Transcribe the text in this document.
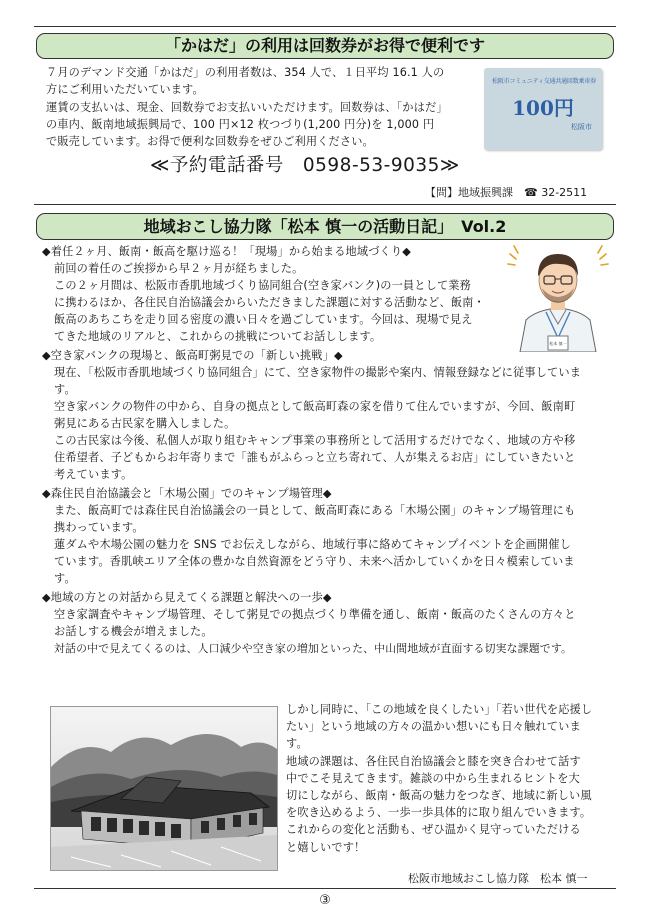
「かはだ」の利用は回数券がお得で便利です
７月のデマンド交通「かはだ」の利用者数は、354 人で、１日平均 16.1 人の
方にご利用いただいています。
運賃の支払いは、現金、回数券でお支払いいただけます。回数券は、「かはだ」
の車内、飯南地域振興局で、100 円×12 枚つづり(1,200 円分)を 1,000 円
で販売しています。お得で便利な回数券をぜひご利用ください。
松阪市コミュニティ交通共通回数乗車券
100円
松阪市
≪予約電話番号　0598-53-9035≫
【問】地域振興課　☎ 32-2511
地域おこし協力隊「松本 慎一の活動日記」　Vol.2
松本 慎一
◆着任２ヶ月、飯南・飯高を駆け巡る！「現場」から始まる地域づくり◆
前回の着任のご挨拶から早２ヶ月が経ちました。
この２ヶ月間は、松阪市香肌地域づくり協同組合(空き家バンク)の一員として業務
に携わるほか、各住民自治協議会からいただきました課題に対する活動など、飯南・
飯高のあちこちを走り回る密度の濃い日々を過ごしています。今回は、現場で見え
てきた地域のリアルと、これからの挑戦についてお話しします。
◆空き家バンクの現場と、飯高町粥見での「新しい挑戦」◆
現在、「松阪市香肌地域づくり協同組合」にて、空き家物件の撮影や案内、情報登録などに従事していま
す。
空き家バンクの物件の中から、自身の拠点として飯高町森の家を借りて住んでいますが、今回、飯南町
粥見にある古民家を購入しました。
この古民家は今後、私個人が取り組むキャンプ事業の事務所として活用するだけでなく、地域の方や移
住希望者、子どもからお年寄りまで「誰もがふらっと立ち寄れて、人が集えるお店」にしていきたいと
考えています。
◆森住民自治協議会と「木場公園」でのキャンプ場管理◆
また、飯高町では森住民自治協議会の一員として、飯高町森にある「木場公園」のキャンプ場管理にも
携わっています。
蓮ダムや木場公園の魅力を SNS でお伝えしながら、地域行事に絡めてキャンプイベントを企画開催し
ています。香肌峡エリア全体の豊かな自然資源をどう守り、未来へ活かしていくかを日々模索していま
す。
◆地域の方との対話から見えてくる課題と解決への一歩◆
空き家調査やキャンプ場管理、そして粥見での拠点づくり準備を通し、飯南・飯高のたくさんの方々と
お話しする機会が増えました。
対話の中で見えてくるのは、人口減少や空き家の増加といった、中山間地域が直面する切実な課題です。
しかし同時に、「この地域を良くしたい」「若い世代を応援し
たい」という地域の方々の温かい想いにも日々触れていま
す。
地域の課題は、各住民自治協議会と膝を突き合わせて話す
中でこそ見えてきます。雑談の中から生まれるヒントを大
切にしながら、飯南・飯高の魅力をつなぎ、地域に新しい風
を吹き込めるよう、一歩一歩具体的に取り組んでいきます。
これからの変化と活動も、ぜひ温かく見守っていただける
と嬉しいです！
松阪市地域おこし協力隊　松本 慎一
③
